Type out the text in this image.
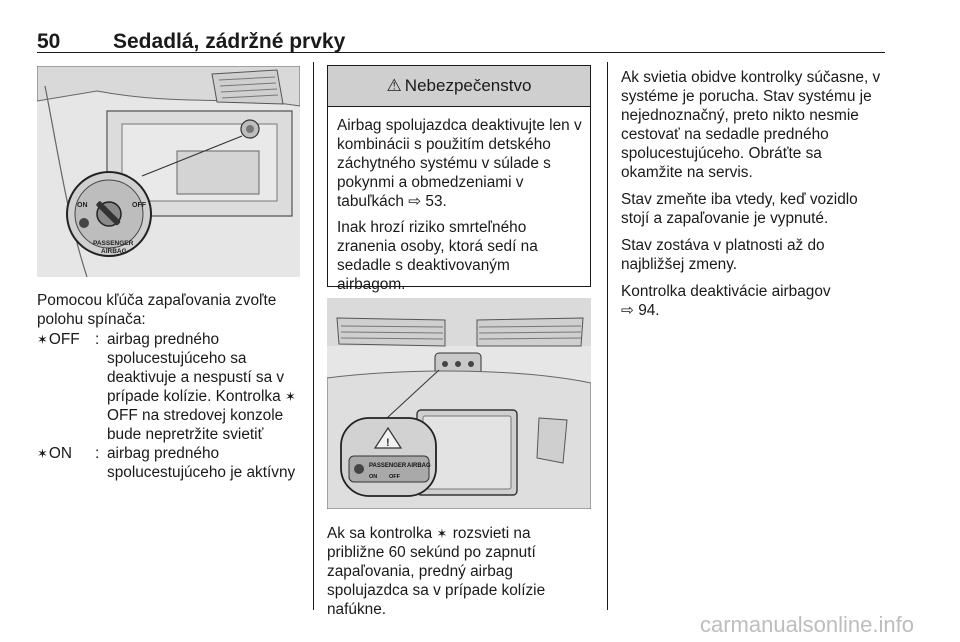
50	Sedadlá, zádržné prvky
ON	OFF
PASSENGER
AIRBAG
Pomocou kľúča zapaľovania zvoľte polohu spínača:
✶ OFF : airbag predného spolucestujúceho sa deaktivuje a nespustí sa v prípade kolízie. Kontrolka ✶OFF na stredovej konzole bude nepretržite svietiť
✶ ON : airbag predného spolucestujúceho je aktívny
⚠ Nebezpečenstvo

Airbag spolujazdca deaktivujte len v kombinácii s použitím detského záchytného systému v súlade s pokynmi a obmedzeniami v tabuľkách ⇨ 53.

Inak hrozí riziko smrteľného zranenia osoby, ktorá sedí na sedadle s deaktivovaným airbagom.

!
PASSENGER AIRBAG
ON OFF
Ak sa kontrolka ✶ rozsvieti na približne 60 sekúnd po zapnutí zapaľovania, predný airbag spolujazdca sa v prípade kolízie nafúkne.

Ak svietia obidve kontrolky súčasne, v systéme je porucha. Stav systému je nejednoznačný, preto nikto nesmie cestovať na sedadle predného spolucestujúceho. Obráťte sa okamžite na servis.

Stav zmeňte iba vtedy, keď vozidlo stojí a zapaľovanie je vypnuté.

Stav zostáva v platnosti až do najbližšej zmeny.

Kontrolka deaktivácie airbagov
⇨ 94.

carmanualsonline.info
